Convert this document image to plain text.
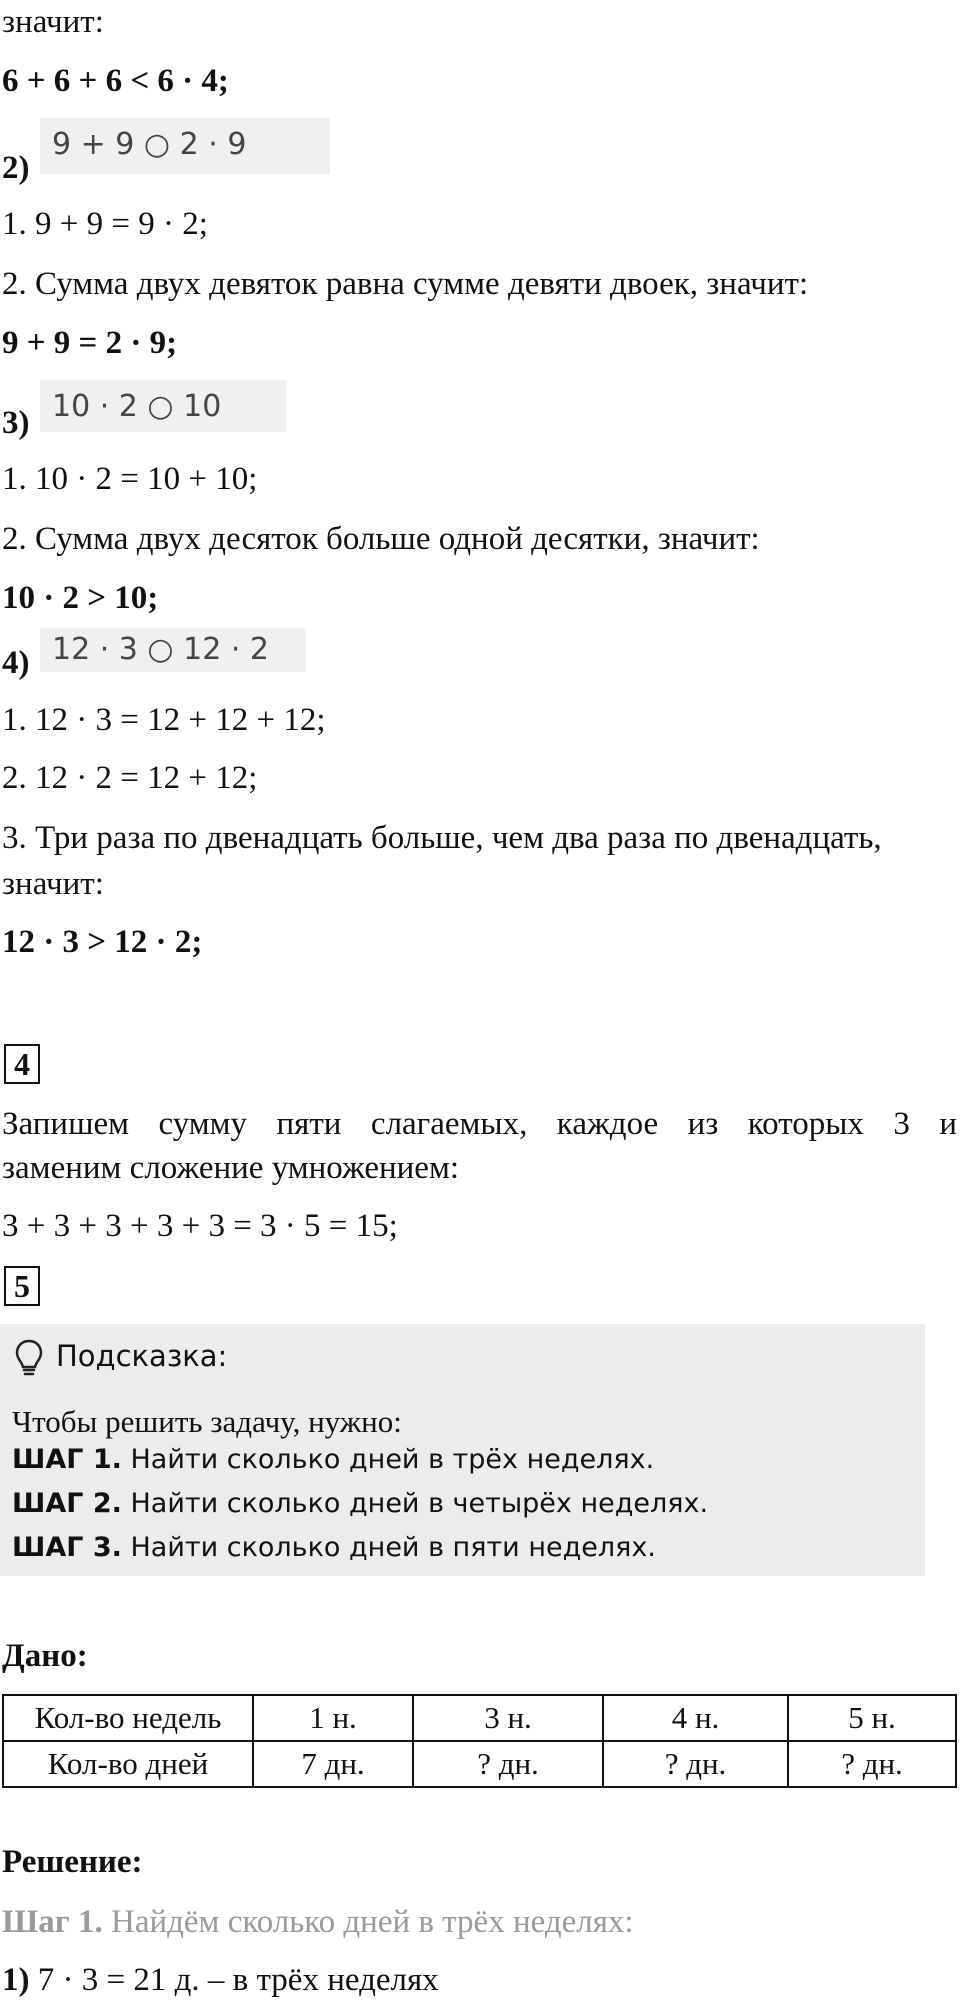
значит:
6 + 6 + 6 < 6 · 4;
2)
9 + 9 ○ 2 · 9
1. 9 + 9 = 9 · 2;
2. Сумма двух девяток равна сумме девяти двоек, значит:
9 + 9 = 2 · 9;
3) 10 · 2 ○ 10
1. 10 · 2 = 10 + 10;
2. Сумма двух десяток больше одной десятки, значит:
10 · 2 > 10;
4) 12 · 3 ○ 12 · 2
1. 12 · 3 = 12 + 12 + 12;
2. 12 · 2 = 12 + 12;
3. Три раза по двенадцать больше, чем два раза по двенадцать,
значит:
12 · 3 > 12 · 2;
4
Запишем сумму пяти слагаемых, каждое из которых 3 и
заменим сложение умножением:
3 + 3 + 3 + 3 + 3 = 3 · 5 = 15;
5
Подсказка:
Чтобы решить задачу, нужно:
ШАГ 1. Найти сколько дней в трёх неделях.
ШАГ 2. Найти сколько дней в четырёх неделях.
ШАГ 3. Найти сколько дней в пяти неделях.
Дано:
Кол-во недель	1 н.	3 н.	4 н.	5 н.
Кол-во дней	7 дн.	? дн.	? дн.	? дн.
Решение:
Шаг 1. Найдём сколько дней в трёх неделях:
1) 7 · 3 = 21 д. – в трёх неделях
